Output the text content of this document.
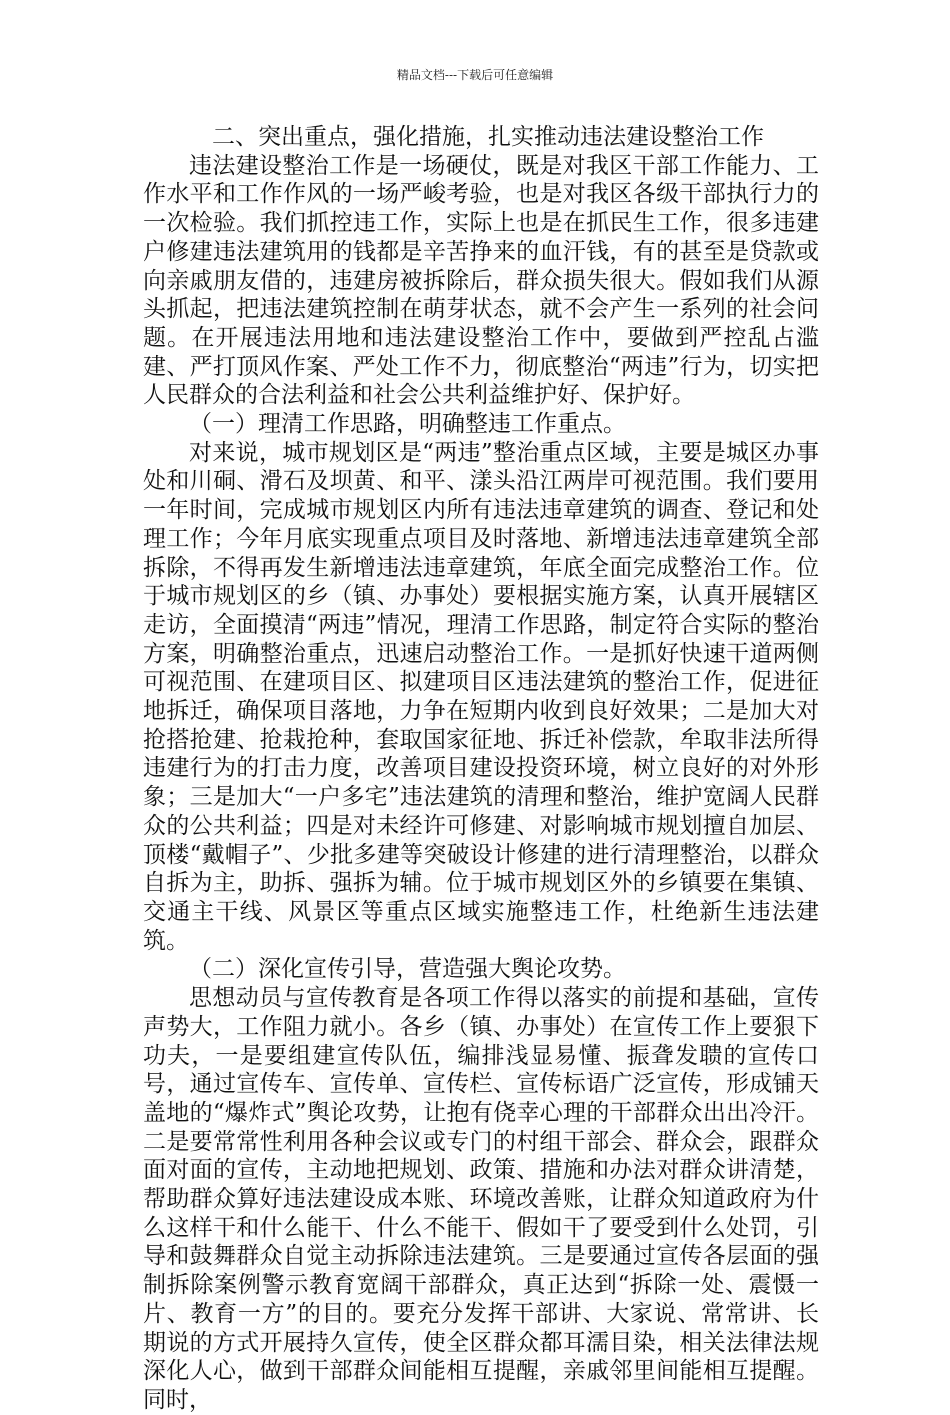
精品文档---下载后可任意编辑

二、突出重点，强化措施，扎实推动违法建设整治工作

违法建设整治工作是一场硬仗，既是对我区干部工作能力、工作水平和工作作风的一场严峻考验，也是对我区各级干部执行力的一次检验。我们抓控违工作，实际上也是在抓民生工作，很多违建户修建违法建筑用的钱都是辛苦挣来的血汗钱，有的甚至是贷款或向亲戚朋友借的，违建房被拆除后，群众损失很大。假如我们从源头抓起，把违法建筑控制在萌芽状态，就不会产生一系列的社会问题。在开展违法用地和违法建设整治工作中，要做到严控乱占滥建、严打顶风作案、严处工作不力，彻底整治“两违”行为，切实把人民群众的合法利益和社会公共利益维护好、保护好。

（一）理清工作思路，明确整违工作重点。

对来说，城市规划区是“两违”整治重点区域，主要是城区办事处和川硐、滑石及坝黄、和平、漾头沿江两岸可视范围。我们要用一年时间，完成城市规划区内所有违法违章建筑的调查、登记和处理工作；今年月底实现重点项目及时落地、新增违法违章建筑全部拆除，不得再发生新增违法违章建筑，年底全面完成整治工作。位于城市规划区的乡（镇、办事处）要根据实施方案，认真开展辖区走访，全面摸清“两违”情况，理清工作思路，制定符合实际的整治方案，明确整治重点，迅速启动整治工作。一是抓好快速干道两侧可视范围、在建项目区、拟建项目区违法建筑的整治工作，促进征地拆迁，确保项目落地，力争在短期内收到良好效果；二是加大对抢搭抢建、抢栽抢种，套取国家征地、拆迁补偿款，牟取非法所得违建行为的打击力度，改善项目建设投资环境，树立良好的对外形象；三是加大“一户多宅”违法建筑的清理和整治，维护宽阔人民群众的公共利益；四是对未经许可修建、对影响城市规划擅自加层、顶楼“戴帽子”、少批多建等突破设计修建的进行清理整治，以群众自拆为主，助拆、强拆为辅。位于城市规划区外的乡镇要在集镇、交通主干线、风景区等重点区域实施整违工作，杜绝新生违法建筑。

（二）深化宣传引导，营造强大舆论攻势。

思想动员与宣传教育是各项工作得以落实的前提和基础，宣传声势大，工作阻力就小。各乡（镇、办事处）在宣传工作上要狠下功夫，一是要组建宣传队伍，编排浅显易懂、振聋发聩的宣传口号，通过宣传车、宣传单、宣传栏、宣传标语广泛宣传，形成铺天盖地的“爆炸式”舆论攻势，让抱有侥幸心理的干部群众出出冷汗。二是要常常性利用各种会议或专门的村组干部会、群众会，跟群众面对面的宣传，主动地把规划、政策、措施和办法对群众讲清楚，帮助群众算好违法建设成本账、环境改善账，让群众知道政府为什么这样干和什么能干、什么不能干、假如干了要受到什么处罚，引导和鼓舞群众自觉主动拆除违法建筑。三是要通过宣传各层面的强制拆除案例警示教育宽阔干部群众，真正达到“拆除一处、震慑一片、教育一方”的目的。要充分发挥干部讲、大家说、常常讲、长期说的方式开展持久宣传，使全区群众都耳濡目染，相关法律法规深化人心，做到干部群众间能相互提醒，亲戚邻里间能相互提醒。同时，
